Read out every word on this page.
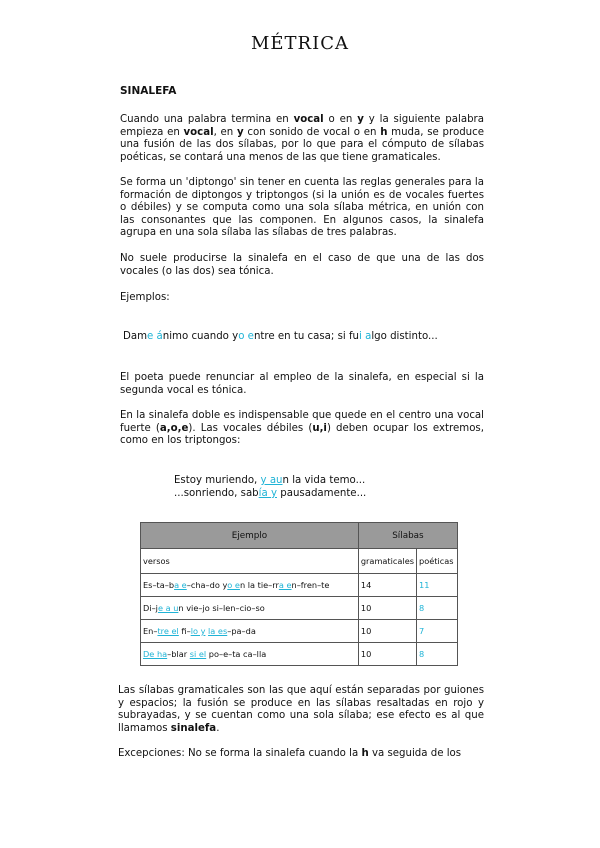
MÉTRICA
SINALEFA
Cuando una palabra termina en vocal o en y y la siguiente palabra empieza en vocal, en y con sonido de vocal o en h muda, se produce una fusión de las dos sílabas, por lo que para el cómputo de sílabas poéticas, se contará una menos de las que tiene gramaticales.
Se forma un 'diptongo' sin tener en cuenta las reglas generales para la formación de diptongos y triptongos (si la unión es de vocales fuertes o débiles) y se computa como una sola sílaba métrica, en unión con las consonantes que las componen. En algunos casos, la sinalefa agrupa en una sola sílaba las sílabas de tres palabras.
No suele producirse la sinalefa en el caso de que una de las dos vocales (o las dos) sea tónica.
Ejemplos:
Dame ánimo cuando yo entre en tu casa; si fui algo distinto...
El poeta puede renunciar al empleo de la sinalefa, en especial si la segunda vocal es tónica.
En la sinalefa doble es indispensable que quede en el centro una vocal fuerte (a,o,e). Las vocales débiles (u,i) deben ocupar los extremos, como en los triptongos:
Estoy muriendo, y aun la vida temo...
...sonriendo, sabía y pausadamente...
Ejemplo	Sílabas	
versos	gramaticales	poéticas
Es–ta–ba e–cha–do yo en la tie–rra en–fren–te	14	11
Di–je a un vie–jo si–len–cio–so	10	8
En–tre el fi–lo y la es–pa–da	10	7
De ha–blar si el po–e–ta ca–lla	10	8
Las sílabas gramaticales son las que aquí están separadas por guiones y espacios; la fusión se produce en las sílabas resaltadas en rojo y subrayadas, y se cuentan como una sola sílaba; ese efecto es al que llamamos sinalefa.
Excepciones: No se forma la sinalefa cuando la h va seguida de los
